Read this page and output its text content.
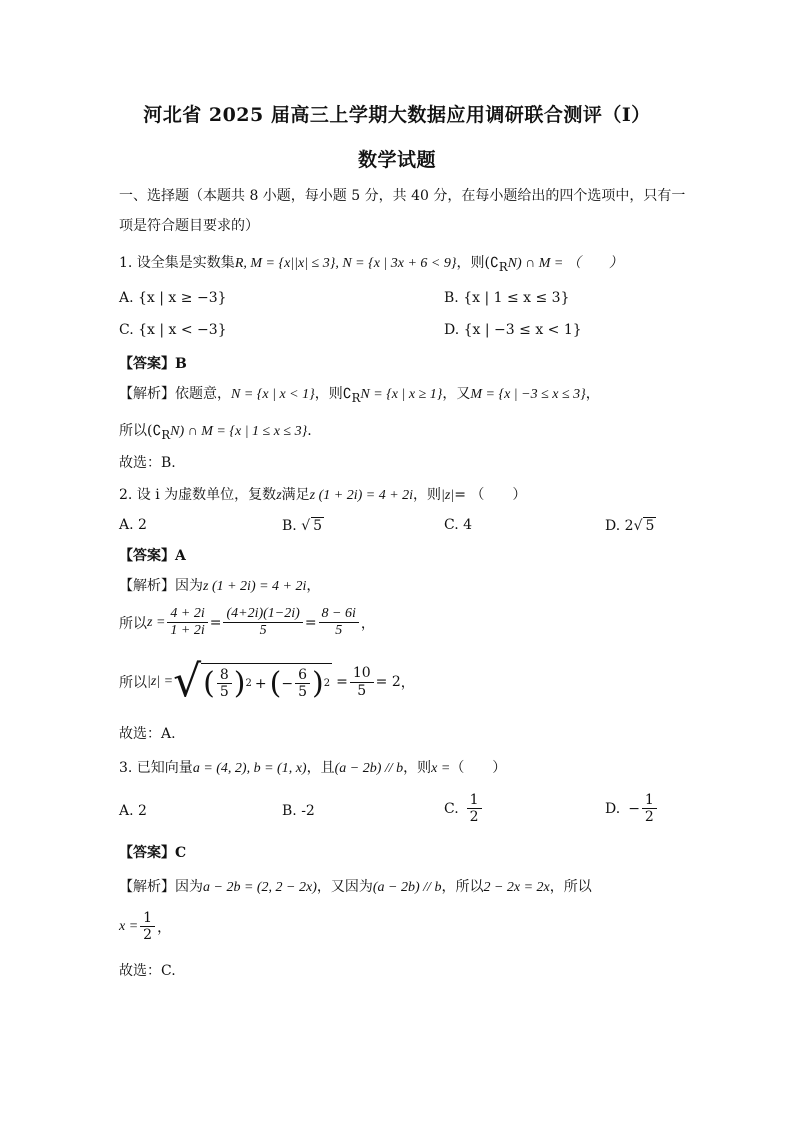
河北省 2025 届高三上学期大数据应用调研联合测评（Ⅰ）
数学试题
一、选择题（本题共 8 小题，每小题 5 分，共 40 分，在每小题给出的四个选项中，只有一
项是符合题目要求的）
1. 设全集是实数集R, M = {x||x| ≤ 3}, N = {x | 3x + 6 < 9}，则$(∁_RN)$ ∩ M = （　　）
A. {x | x ≥ −3}	B. {x | 1 ≤ x ≤ 3}
C. {x | x < −3}	D. {x | −3 ≤ x < 1}
【答案】B
【解析】依题意，N = {x | x < 1}，则$∁_RN = \{x$ | x ≥ 1}，又M = {x | −3 ≤ x ≤ 3}，
所以$(∁_RN)$ ∩ M = {x | 1 ≤ x ≤ 3}.
故选：B.
2. 设 i 为虚数单位，复数z满足z (1 + 2i) = 4 + 2i，则|z|= （　　）
A. 2	B. √ 5	C. 4	D. 2√ 5
【答案】A
【解析】因为z (1 + 2i) = 4 + 2i，
所以 $z = \frac{4 + 2i}{1 + 2i} = \frac{(4+2i)(1-2i)}{5} = \frac{8 - 6i}{5}$ ，
所以 |z| = √ ( $\frac{8}{5}$ ) 2 + ( − $\frac{6}{5}$ ) $2 = \frac{10}{5} = 2$ ，
故选：A.
3. 已知向量a = (4, 2), b = (1, x)，且(a − 2b) // b，则x =（　　）
A. 2	B. -2	C. $\frac{1}{2}$	D. − $\frac{1}{2}$
【答案】C
【解析】因为a − 2b = (2, 2 − 2x)，又因为(a − 2b) // b，所以2 − 2x = 2x，所以
$x = \frac{1}{2}$ ，
故选：C.
